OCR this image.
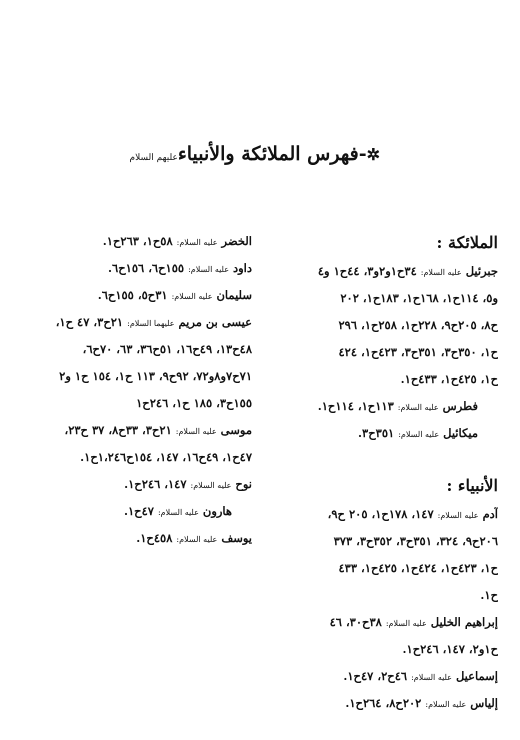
✲-فهرس الملائكة والأنبياءعليهم السلام
الملائكة :
جبرئيل عليه السلام: ٣٤ح١و٢و٣، ٤٤ح١ و٤
و٥، ١١٤ح١، ١٦٨ح١، ١٨٣ح١، ٢٠٢
ح٨، ٢٠٥ح٩، ٢٢٨ح١، ٢٥٨ح١، ٢٩٦
ح١، ٣٥٠ح٣، ٣٥١ح٣، ٤٢٣ح١، ٤٢٤
ح١، ٤٢٥ح١، ٤٣٣ح١.
فطرس عليه السلام: ١١٣ح١، ١١٤ح١.
ميكائيل عليه السلام: ٣٥١ح٣.
الأنبياء :
آدم عليه السلام: ١٤٧، ١٧٨ح١، ٢٠٥ ح٩،
٢٠٦ح٩، ٣٢٤، ٣٥١ح٣، ٣٥٢ح٣، ٣٧٣
ح١، ٤٢٣ح١، ٤٢٤ح١، ٤٢٥ح١، ٤٣٣
ح١.
إبراهيم الخليل عليه السلام: ٣٨ح٣٠، ٤٦
ح١و٢، ١٤٧، ٢٤٦ح١.
إسماعيل عليه السلام: ٤٦ح٢، ٤٧ح١.
إلياس عليه السلام: ٢٠٢ح٨، ٢٦٤ح١.
الخضر عليه السلام: ٥٨ح١، ٢٦٣ح١.
داود عليه السلام: ١٥٥ح٦، ١٥٦ح٦.
سليمان عليه السلام: ٣١ح٥، ١٥٥ح٦.
عيسى بن مريم عليهما السلام: ٢١ح٣، ٤٧ ح١،
٤٨ح١٣، ٤٩ح١٦، ٥١ح٣٦، ٦٣، ٧٠ح٦،
٧١ح٧و٨و٧٢، ٩٢ح٩، ١١٣ ح١، ١٥٤ ح١ و٢
١٥٥ح٣، ١٨٥ ح١، ٢٤٦ح١
موسى عليه السلام: ٢١ح٣، ٣٣ح٨، ٣٧ ح٢٣،
٤٧ح١، ٤٩ح١٦، ١٤٧، ١٥٤ح١،٢٤٦ح١.
نوح عليه السلام: ١٤٧، ٢٤٦ح١.
هارون عليه السلام: ٤٧ح١.
يوسف عليه السلام: ٤٥٨ح١.
